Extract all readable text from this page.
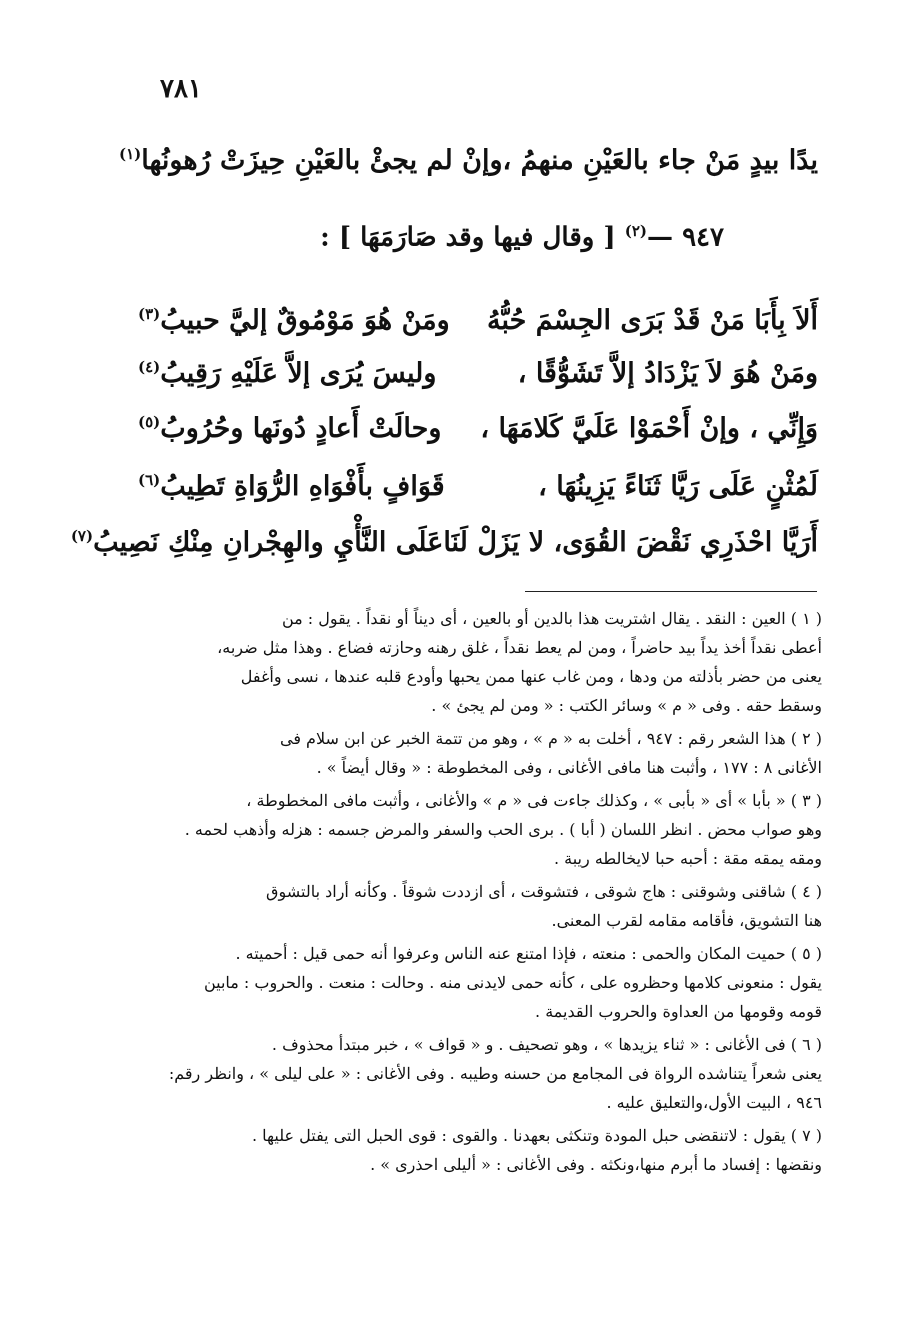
٧٨١
يدًا بيدٍ مَنْ جاء بالعَيْنِ منهمُ ،
وإنْ لم يجئْ بالعَيْنِ حِيزَتْ رُهونُها$^{(١)}$
٩٤٧ —$^{(٢)}$ [ وقال فيها وقد صَارَمَهَا ] :
أَلاَ بِأَبَا مَنْ قَدْ بَرَى الجِسْمَ حُبُّهُ
ومَنْ هُوَ مَوْمُوقٌ إليَّ حبيبُ$^{(٣)}$
ومَنْ هُوَ لاَ يَزْدَادُ إلاَّ تَشَوُّقًا ،
وليسَ يُرَى إلاَّ عَلَيْهِ رَقِيبُ$^{(٤)}$
وَإِنِّي ، وإنْ أَحْمَوْا عَلَيَّ كَلامَهَا ،
وحالَتْ أَعادٍ دُونَها وحُرُوبُ$^{(٥)}$
لَمُثْنٍ عَلَى رَيَّا ثَنَاءً يَزِينُهَا ،
قَوَافٍ بأَفْوَاهِ الرُّوَاةِ تَطِيبُ$^{(٦)}$
أَرَيَّا احْذَرِي نَقْضَ القُوَى، لا يَزَلْ لَنَا
عَلَى النَّأْيِ والهِجْرانِ مِنْكِ نَصِيبُ$^{(٧)}$

( ١ ) العين : النقد . يقال اشتريت هذا بالدين أو بالعين ، أى ديناً أو نقداً . يقول : من

أعطى نقداً أخذ يداً بيد حاضراً ، ومن لم يعط نقداً ، غلق رهنه وحازته فضاع . وهذا مثل ضربه،

يعنى من حضر بأذلته من ودها ، ومن غاب عنها ممن يحبها وأودع قلبه عندها ، نسى وأغفل

وسقط حقه . وفى « م » وسائر الكتب : « ومن لم يجئ » .

( ٢ ) هذا الشعر رقم : ٩٤٧ ، أخلت به « م » ، وهو من تتمة الخبر عن ابن سلام فى

الأغانى ٨ : ١٧٧ ، وأثبت هنا مافى الأغانى ، وفى المخطوطة : « وقال أيضاً » .

( ٣ ) « بأبا » أى « بأبى » ، وكذلك جاءت فى « م » والأغانى ، وأثبت مافى المخطوطة ،

وهو صواب محض . انظر اللسان ( أبا ) . برى الحب والسفر والمرض جسمه : هزله وأذهب لحمه .

ومقه يمقه مقة : أحبه حبا لايخالطه ريبة .

( ٤ ) شاقنى وشوقنى : هاج شوقى ، فتشوقت ، أى ازددت شوقاً . وكأنه أراد بالتشوق

هنا التشويق، فأقامه مقامه لقرب المعنى.

( ٥ ) حميت المكان والحمى : منعته ، فإذا امتنع عنه الناس وعرفوا أنه حمى قيل : أحميته .

يقول : منعونى كلامها وحظروه على ، كأنه حمى لايدنى منه . وحالت : منعت . والحروب : مابين

قومه وقومها من العداوة والحروب القديمة .

( ٦ ) فى الأغانى : « ثناء يزيدها » ، وهو تصحيف . و « قواف » ، خبر مبتدأ محذوف .

يعنى شعراً يتناشده الرواة فى المجامع من حسنه وطيبه . وفى الأغانى : « على ليلى » ، وانظر رقم:

٩٤٦ ، البيت الأول،والتعليق عليه .

( ٧ ) يقول : لاتنقضى حبل المودة وتنكثى بعهدنا . والقوى : قوى الحبل التى يفتل عليها .

ونقضها : إفساد ما أبرم منها،ونكثه . وفى الأغانى : « أليلى احذرى » .
